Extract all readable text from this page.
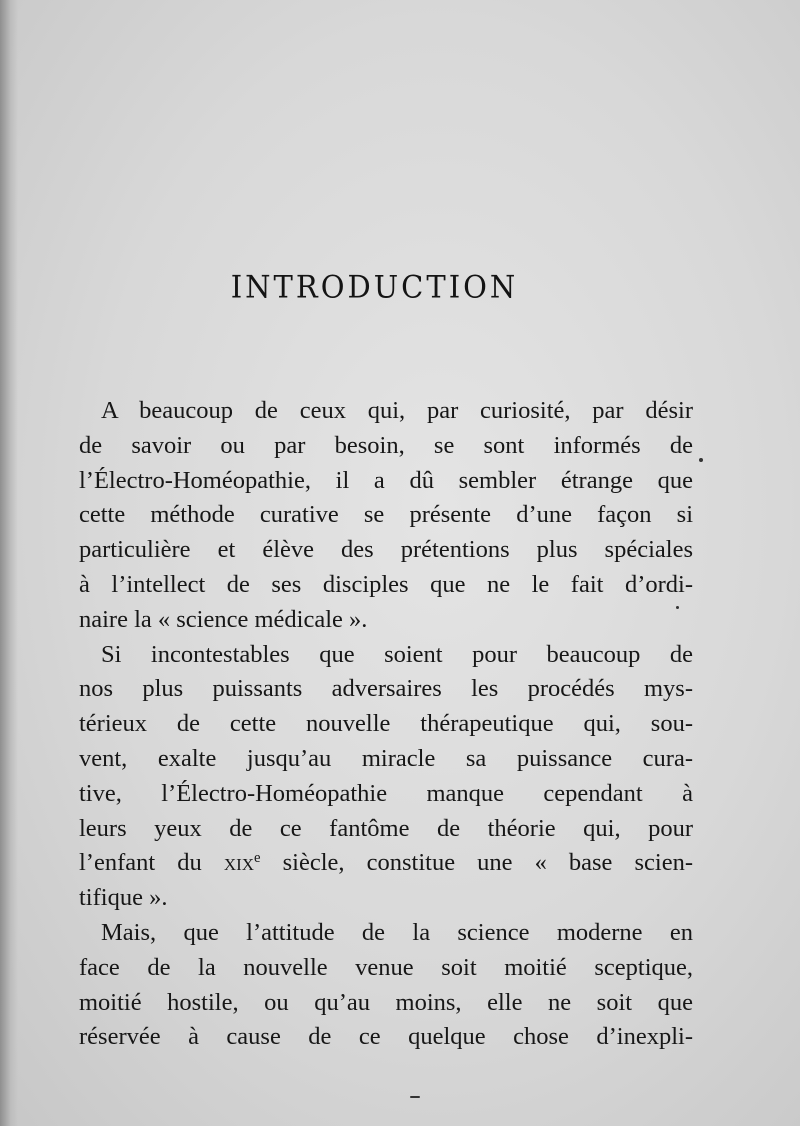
INTRODUCTION
A beaucoup de ceux qui, par curiosité, par désir
de savoir ou par besoin, se sont informés de
l’Électro-Homéopathie, il a dû sembler étrange que
cette méthode curative se présente d’une façon si
particulière et élève des prétentions plus spéciales
à l’intellect de ses disciples que ne le fait d’ordi-
naire la « science médicale ».
Si incontestables que soient pour beaucoup de
nos plus puissants adversaires les procédés mys-
térieux de cette nouvelle thérapeutique qui, sou-
vent, exalte jusqu’au miracle sa puissance cura-
tive, l’Électro-Homéopathie manque cependant à
leurs yeux de ce fantôme de théorie qui, pour
l’enfant du xix$^e$ siècle, constitue une « base scien-
tifique ».
Mais, que l’attitude de la science moderne en
face de la nouvelle venue soit moitié sceptique,
moitié hostile, ou qu’au moins, elle ne soit que
réservée à cause de ce quelque chose d’inexpli-
